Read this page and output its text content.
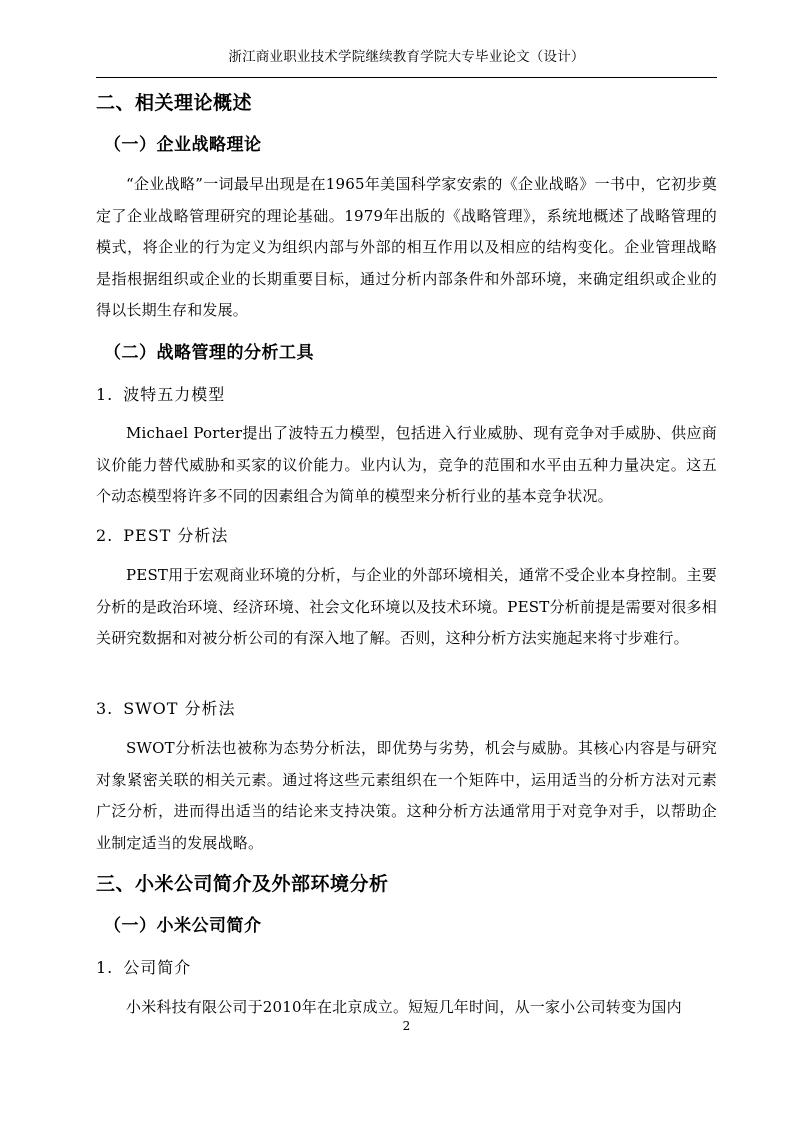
浙江商业职业技术学院继续教育学院大专毕业论文（设计）
二、相关理论概述
（一）企业战略理论
“企业战略”一词最早出现是在1965年美国科学家安索的《企业战略》一书中，它初步奠定了企业战略管理研究的理论基础。1979年出版的《战略管理》，系统地概述了战略管理的模式，将企业的行为定义为组织内部与外部的相互作用以及相应的结构变化。企业管理战略是指根据组织或企业的长期重要目标，通过分析内部条件和外部环境，来确定组织或企业的得以长期生存和发展。
（二）战略管理的分析工具
1. 波特五力模型
Michael Porter提出了波特五力模型，包括进入行业威胁、现有竞争对手威胁、供应商议价能力替代威胁和买家的议价能力。业内认为，竞争的范围和水平由五种力量决定。这五个动态模型将许多不同的因素组合为简单的模型来分析行业的基本竞争状况。
2. PEST 分析法
PEST用于宏观商业环境的分析，与企业的外部环境相关，通常不受企业本身控制。主要分析的是政治环境、经济环境、社会文化环境以及技术环境。PEST分析前提是需要对很多相关研究数据和对被分析公司的有深入地了解。否则，这种分析方法实施起来将寸步难行。
3. SWOT 分析法
SWOT分析法也被称为态势分析法，即优势与劣势，机会与威胁。其核心内容是与研究对象紧密关联的相关元素。通过将这些元素组织在一个矩阵中，运用适当的分析方法对元素广泛分析，进而得出适当的结论来支持决策。这种分析方法通常用于对竞争对手，以帮助企业制定适当的发展战略。
三、小米公司简介及外部环境分析
（一）小米公司简介
1. 公司简介
小米科技有限公司于2010年在北京成立。短短几年时间，从一家小公司转变为国内
2
